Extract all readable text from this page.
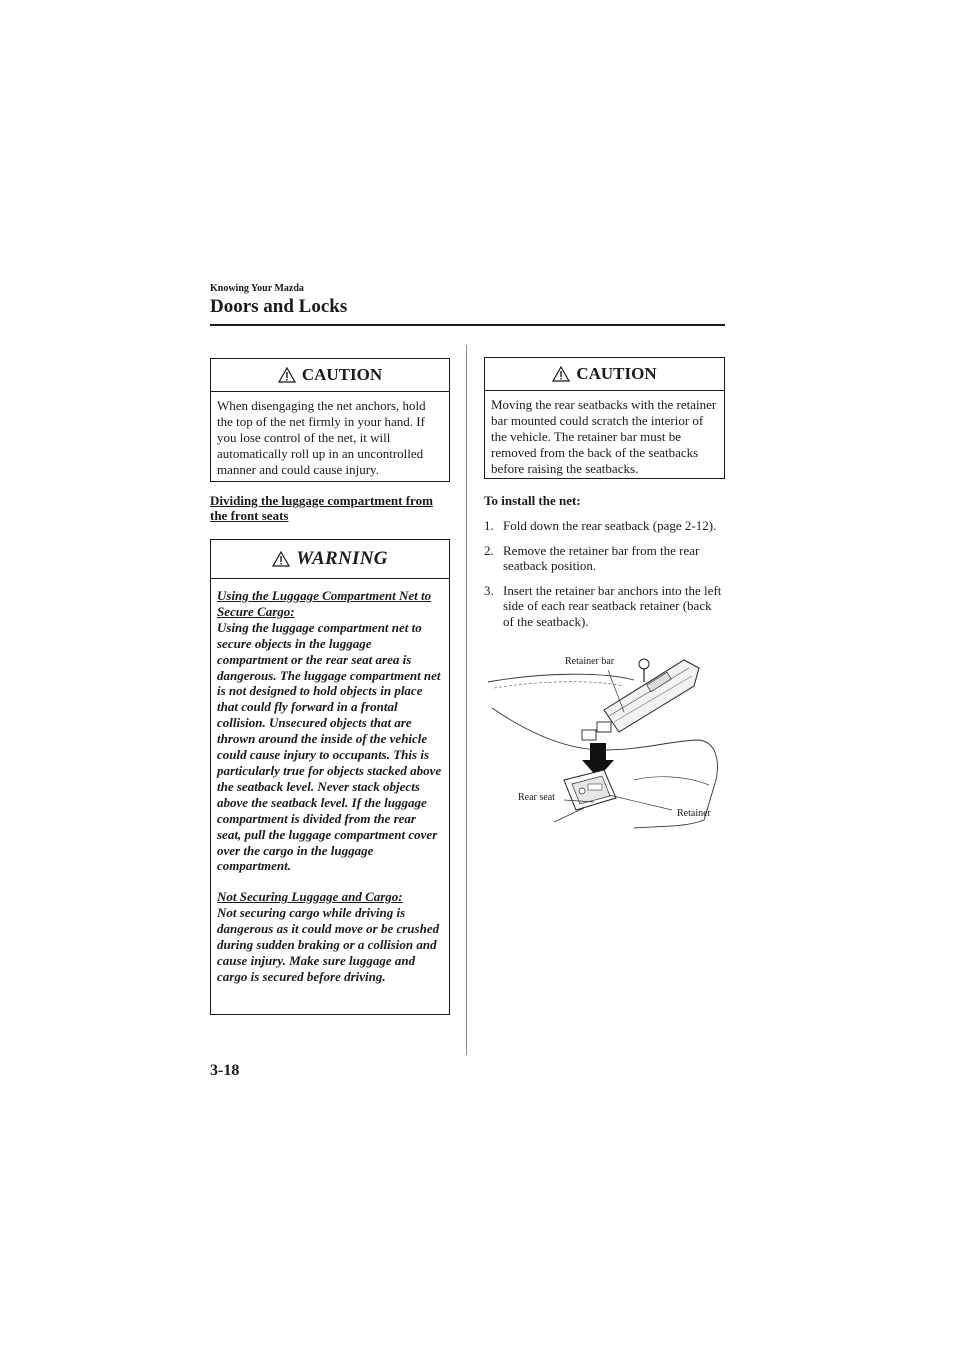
Knowing Your Mazda
Doors and Locks
CAUTION
When disengaging the net anchors, hold the top of the net firmly in your hand. If you lose control of the net, it will automatically roll up in an uncontrolled manner and could cause injury.
Dividing the luggage compartment from the front seats
WARNING
Using the Luggage Compartment Net to Secure Cargo:
Using the luggage compartment net to secure objects in the luggage compartment or the rear seat area is dangerous. The luggage compartment net is not designed to hold objects in place that could fly forward in a frontal collision. Unsecured objects that are thrown around the inside of the vehicle could cause injury to occupants. This is particularly true for objects stacked above the seatback level. Never stack objects above the seatback level. If the luggage compartment is divided from the rear seat, pull the luggage compartment cover over the cargo in the luggage compartment.
Not Securing Luggage and Cargo:
Not securing cargo while driving is dangerous as it could move or be crushed during sudden braking or a collision and cause injury. Make sure luggage and cargo is secured before driving.
CAUTION
Moving the rear seatbacks with the retainer bar mounted could scratch the interior of the vehicle. The retainer bar must be removed from the back of the seatbacks before raising the seatbacks.
To install the net:
1. Fold down the rear seatback (page 2-12).
2. Remove the retainer bar from the rear seatback position.
3. Insert the retainer bar anchors into the left side of each rear seatback retainer (back of the seatback).
Retainer bar
Rear seat
Retainer
3-18
